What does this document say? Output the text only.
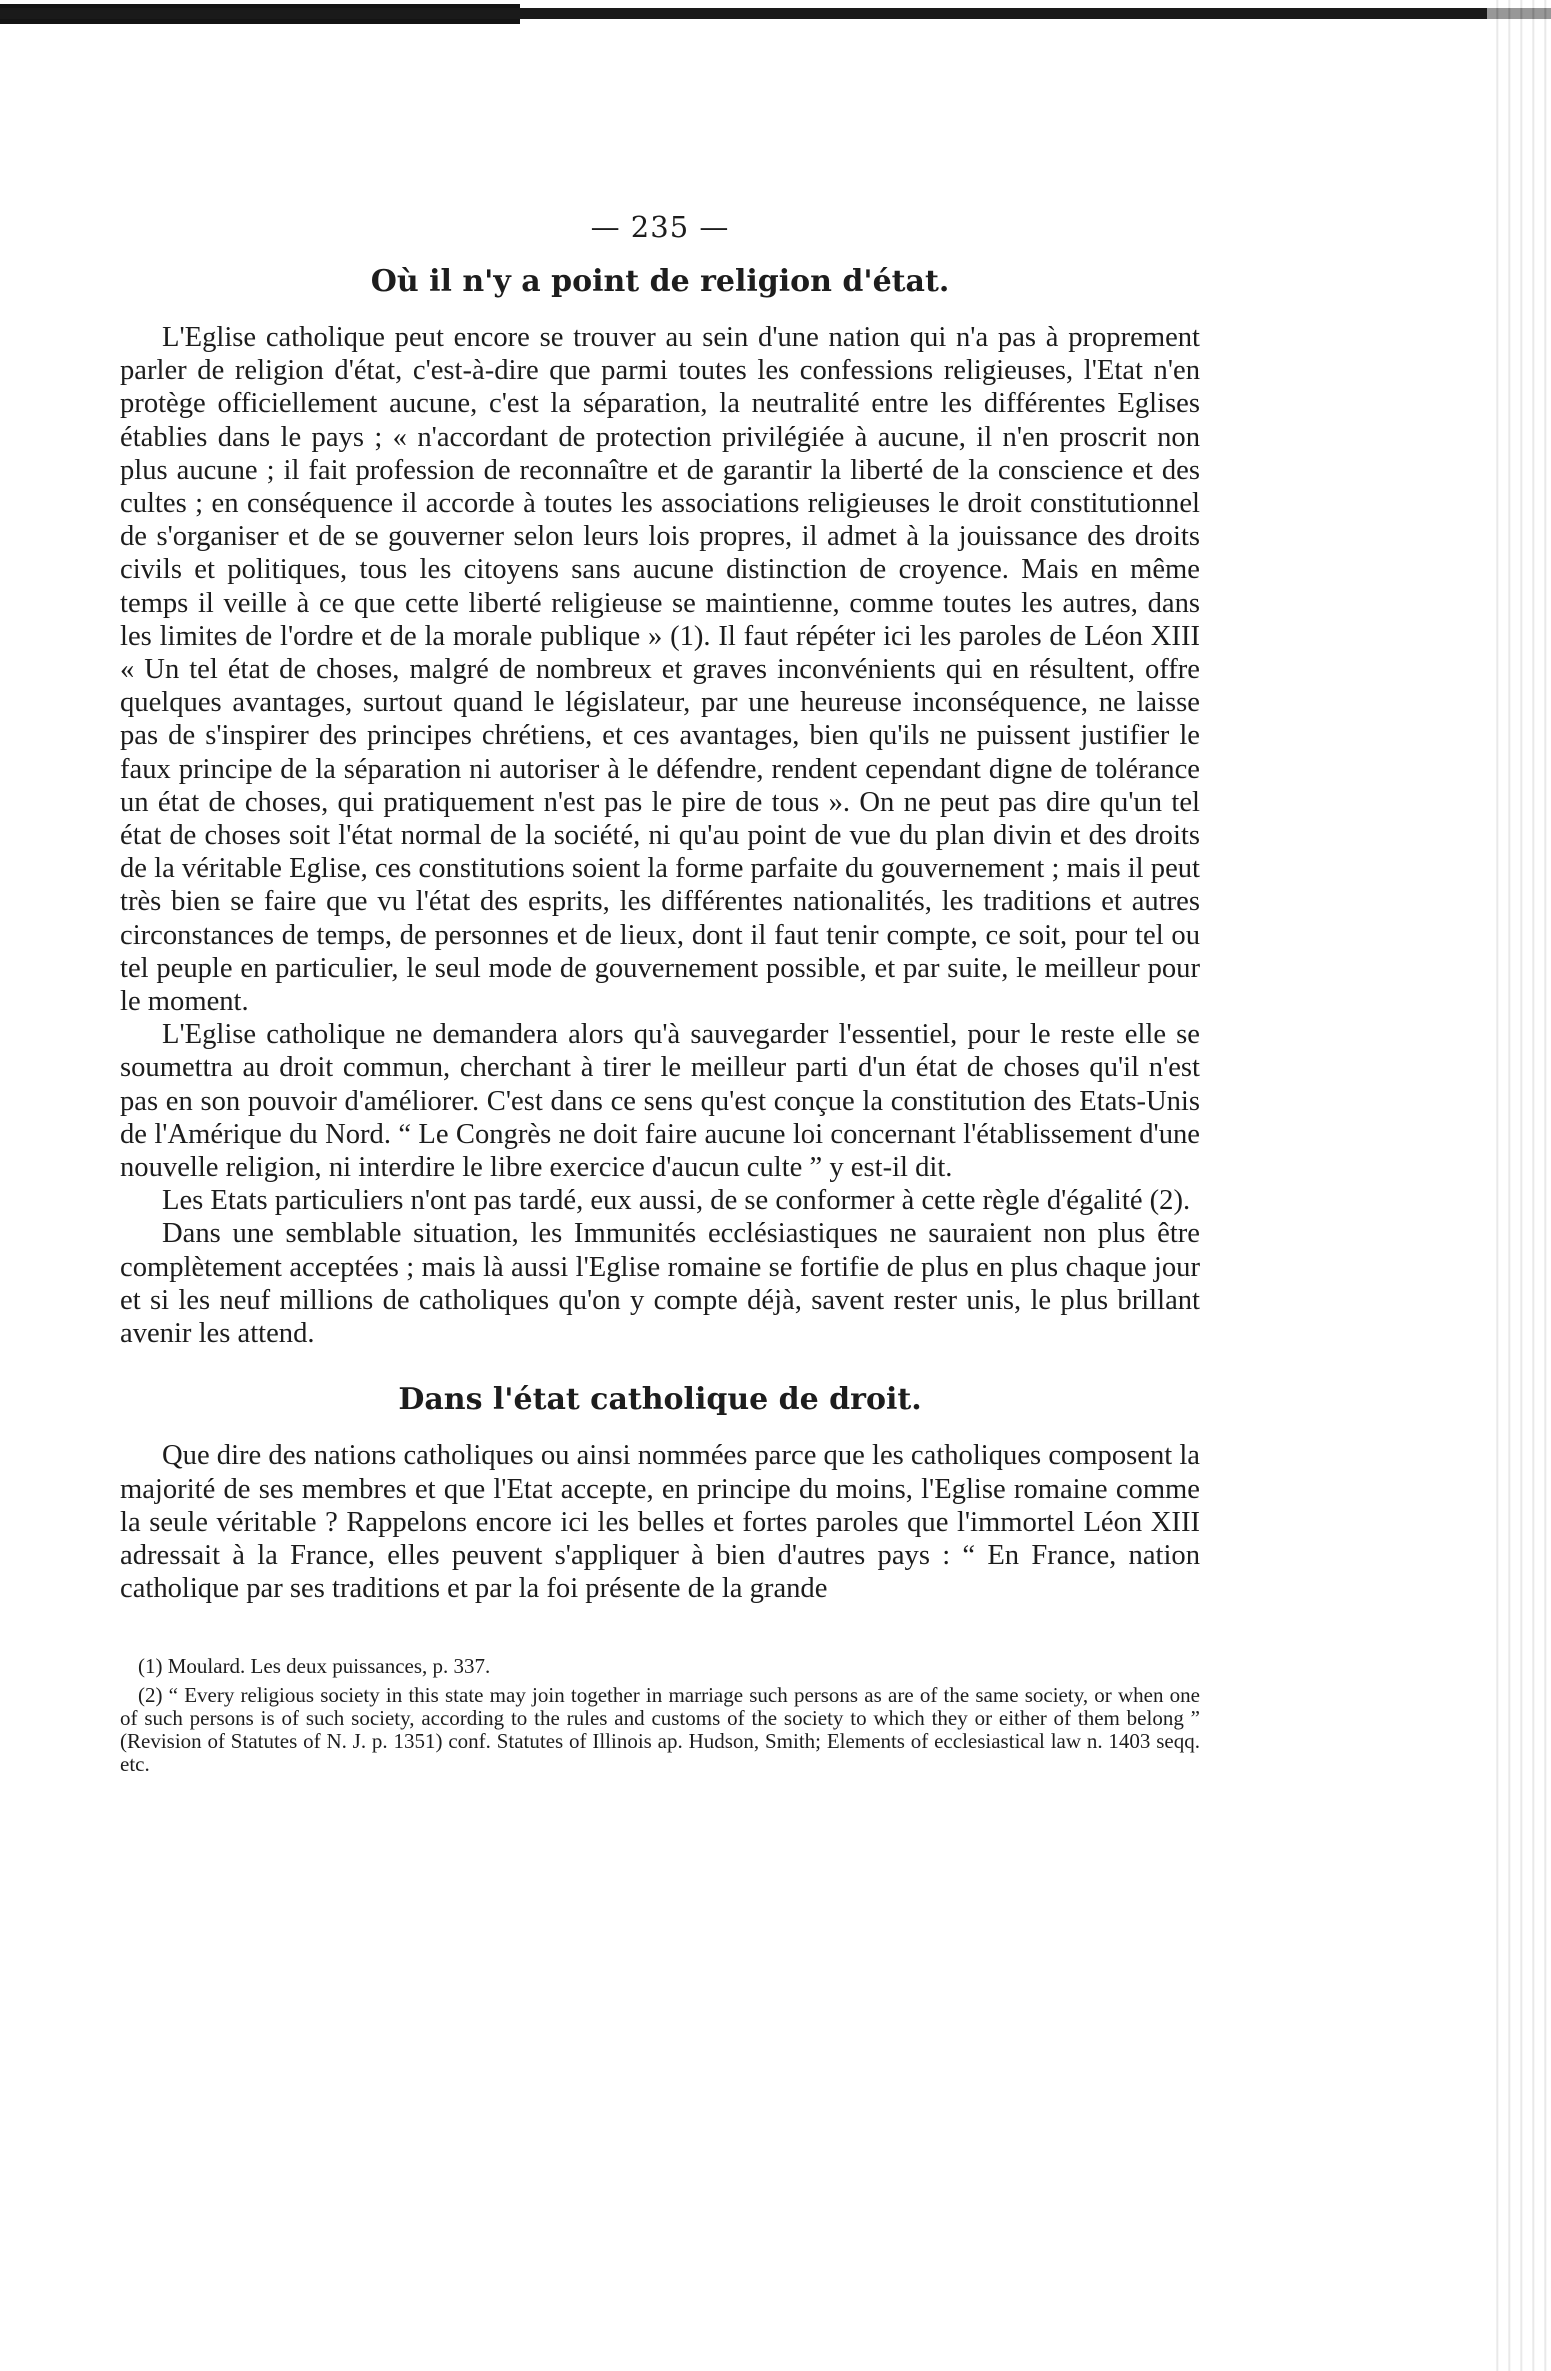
— 235 —
Où il n'y a point de religion d'état.

L'Eglise catholique peut encore se trouver au sein d'une nation qui n'a pas à proprement parler de religion d'état, c'est-à-dire que parmi toutes les confessions religieuses, l'Etat n'en protège officiellement aucune, c'est la séparation, la neutralité entre les différentes Eglises établies dans le pays ; « n'accordant de protection privilégiée à aucune, il n'en proscrit non plus aucune ; il fait profession de reconnaître et de garantir la liberté de la conscience et des cultes ; en conséquence il accorde à toutes les associations religieuses le droit constitutionnel de s'organiser et de se gouverner selon leurs lois propres, il admet à la jouissance des droits civils et politiques, tous les citoyens sans aucune distinction de croyence. Mais en même temps il veille à ce que cette liberté religieuse se maintienne, comme toutes les autres, dans les limites de l'ordre et de la morale publique » (1). Il faut répéter ici les paroles de Léon XIII « Un tel état de choses, malgré de nombreux et graves inconvénients qui en résultent, offre quelques avantages, surtout quand le législateur, par une heureuse inconséquence, ne laisse pas de s'inspirer des principes chrétiens, et ces avantages, bien qu'ils ne puissent justifier le faux principe de la séparation ni autoriser à le défendre, rendent cependant digne de tolérance un état de choses, qui pratiquement n'est pas le pire de tous ». On ne peut pas dire qu'un tel état de choses soit l'état normal de la société, ni qu'au point de vue du plan divin et des droits de la véritable Eglise, ces constitutions soient la forme parfaite du gouvernement ; mais il peut très bien se faire que vu l'état des esprits, les différentes nationalités, les traditions et autres circonstances de temps, de personnes et de lieux, dont il faut tenir compte, ce soit, pour tel ou tel peuple en particulier, le seul mode de gouvernement possible, et par suite, le meilleur pour le moment.

L'Eglise catholique ne demandera alors qu'à sauvegarder l'essentiel, pour le reste elle se soumettra au droit commun, cherchant à tirer le meilleur parti d'un état de choses qu'il n'est pas en son pouvoir d'améliorer. C'est dans ce sens qu'est conçue la constitution des Etats-Unis de l'Amérique du Nord. “ Le Congrès ne doit faire aucune loi concernant l'établissement d'une nouvelle religion, ni interdire le libre exercice d'aucun culte ” y est-il dit.

Les Etats particuliers n'ont pas tardé, eux aussi, de se conformer à cette règle d'égalité (2).

Dans une semblable situation, les Immunités ecclésiastiques ne sauraient non plus être complètement acceptées ; mais là aussi l'Eglise romaine se fortifie de plus en plus chaque jour et si les neuf millions de catholiques qu'on y compte déjà, savent rester unis, le plus brillant avenir les attend.

Dans l'état catholique de droit.

Que dire des nations catholiques ou ainsi nommées parce que les catholiques composent la majorité de ses membres et que l'Etat accepte, en principe du moins, l'Eglise romaine comme la seule véritable ? Rappelons encore ici les belles et fortes paroles que l'immortel Léon XIII adressait à la France, elles peuvent s'appliquer à bien d'autres pays : “ En France, nation catholique par ses traditions et par la foi présente de la grande

(1) Moulard. Les deux puissances, p. 337.

(2) “ Every religious society in this state may join together in marriage such persons as are of the same society, or when one of such persons is of such society, according to the rules and customs of the society to which they or either of them belong ” (Revision of Statutes of N. J. p. 1351) conf. Statutes of Illinois ap. Hudson, Smith; Elements of ecclesiastical law n. 1403 seqq. etc.
